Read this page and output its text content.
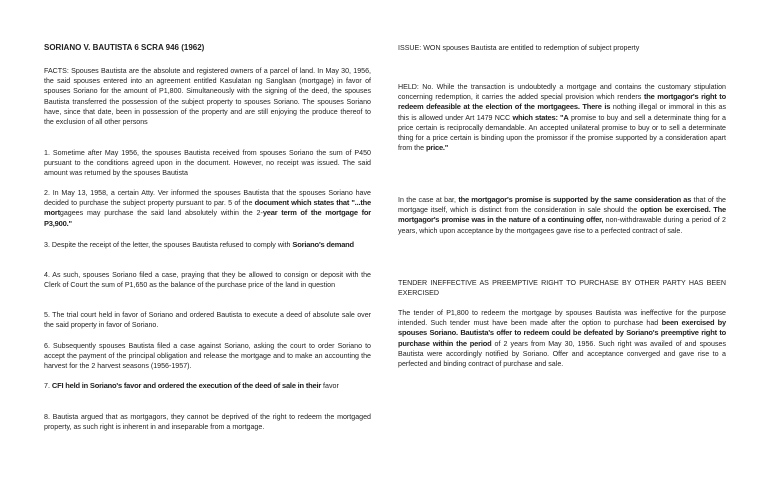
SORIANO V. BAUTISTA 6 SCRA 946 (1962)

FACTS: Spouses Bautista are the absolute and registered owners of a parcel of land. In May 30, 1956, the said spouses entered into an agreement entitled Kasulatan ng Sanglaan (mortgage) in favor of spouses Soriano for the amount of P1,800. Simultaneously with the signing of the deed, the spouses Bautista transferred the possession of the subject property to spouses Soriano. The spouses Soriano have, since that date, been in possession of the property and are still enjoying the produce thereof to the exclusion of all other persons

1. Sometime after May 1956, the spouses Bautista received from spouses Soriano the sum of P450 pursuant to the conditions agreed upon in the document. However, no receipt was issued. The said amount was returned by the spouses Bautista

2. In May 13, 1958, a certain Atty. Ver informed the spouses Bautista that the spouses Soriano have decided to purchase the subject property pursuant to par. 5 of the document which states that "...the mortgagees may purchase the said land absolutely within the 2-year term of the mortgage for P3,900."

3. Despite the receipt of the letter, the spouses Bautista refused to comply with Soriano's demand

4. As such, spouses Soriano filed a case, praying that they be allowed to consign or deposit with the Clerk of Court the sum of P1,650 as the balance of the purchase price of the land in question

5. The trial court held in favor of Soriano and ordered Bautista to execute a deed of absolute sale over the said property in favor of Soriano.

6. Subsequently spouses Bautista filed a case against Soriano, asking the court to order Soriano to accept the payment of the principal obligation and release the mortgage and to make an accounting the harvest for the 2 harvest seasons (1956-1957).

7. CFI held in Soriano's favor and ordered the execution of the deed of sale in their favor

8. Bautista argued that as mortgagors, they cannot be deprived of the right to redeem the mortgaged property, as such right is inherent in and inseparable from a mortgage.

ISSUE: WON spouses Bautista are entitled to redemption of subject property

HELD: No. While the transaction is undoubtedly a mortgage and contains the customary stipulation concerning redemption, it carries the added special provision which renders the mortgagor's right to redeem defeasible at the election of the mortgagees. There is nothing illegal or immoral in this as this is allowed under Art 1479 NCC which states: "A promise to buy and sell a determinate thing for a price certain is reciprocally demandable. An accepted unilateral promise to buy or to sell a determinate thing for a price certain is binding upon the promissor if the promise supported by a consideration apart from the price."

In the case at bar, the mortgagor's promise is supported by the same consideration as that of the mortgage itself, which is distinct from the consideration in sale should the option be exercised. The mortgagor's promise was in the nature of a continuing offer, non-withdrawable during a period of 2 years, which upon acceptance by the mortgagees gave rise to a perfected contract of sale.

TENDER INEFFECTIVE AS PREEMPTIVE RIGHT TO PURCHASE BY OTHER PARTY HAS BEEN EXERCISED

The tender of P1,800 to redeem the mortgage by spouses Bautista was ineffective for the purpose intended. Such tender must have been made after the option to purchase had been exercised by spouses Soriano. Bautista's offer to redeem could be defeated by Soriano's preemptive right to purchase within the period of 2 years from May 30, 1956. Such right was availed of and spouses Bautista were accordingly notified by Soriano. Offer and acceptance converged and gave rise to a perfected and binding contract of purchase and sale.
